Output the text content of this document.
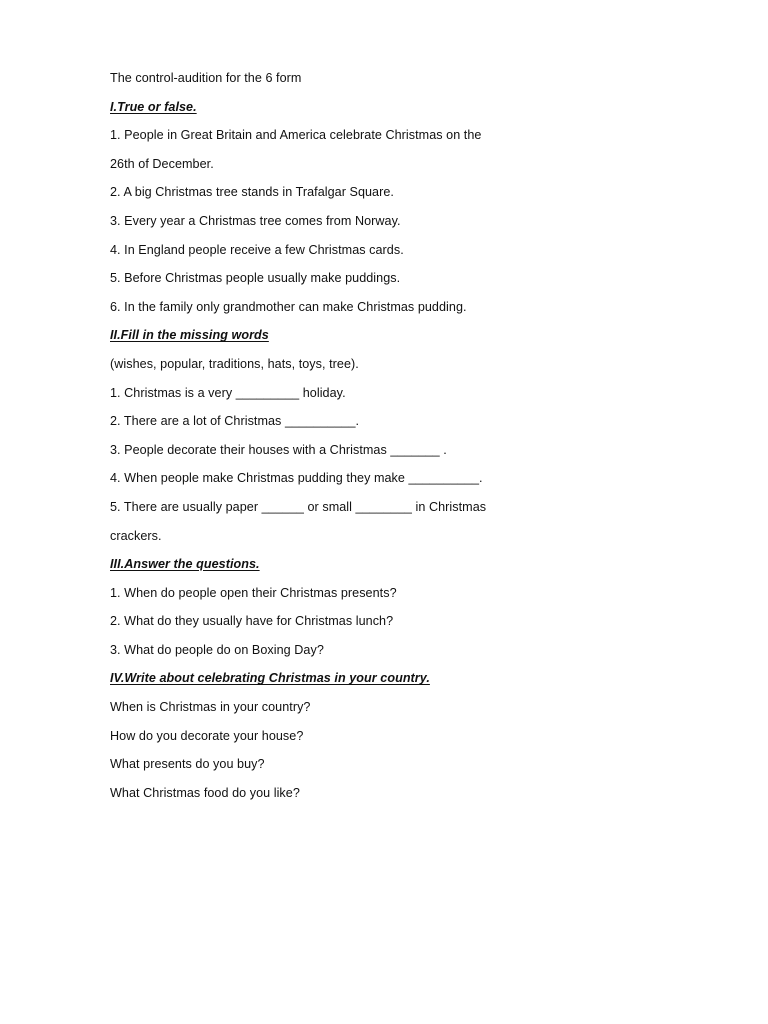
The control-audition for the 6 form
I.True or false.
1. People in Great Britain and America celebrate Christmas on the
26th of December.
2. A big Christmas tree stands in Trafalgar Square.
3. Every year a Christmas tree comes from Norway.
4. In England people receive a few Christmas cards.
5. Before Christmas people usually make puddings.
6. In the family only grandmother can make Christmas pudding.
II.Fill in the missing words
(wishes, popular, traditions, hats, toys, tree).
1. Christmas is a very _________ holiday.
2. There are a lot of Christmas __________.
3. People decorate their houses with a Christmas _______ .
4. When people make Christmas pudding they make __________.
5. There are usually paper ______ or small ________ in Christmas
crackers.
III.Answer the questions.
1. When do people open their Christmas presents?
2. What do they usually have for Christmas lunch?
3. What do people do on Boxing Day?
IV.Write about celebrating Christmas in your country.
When is Christmas in your country?
How do you decorate your house?
What presents do you buy?
What Christmas food do you like?
